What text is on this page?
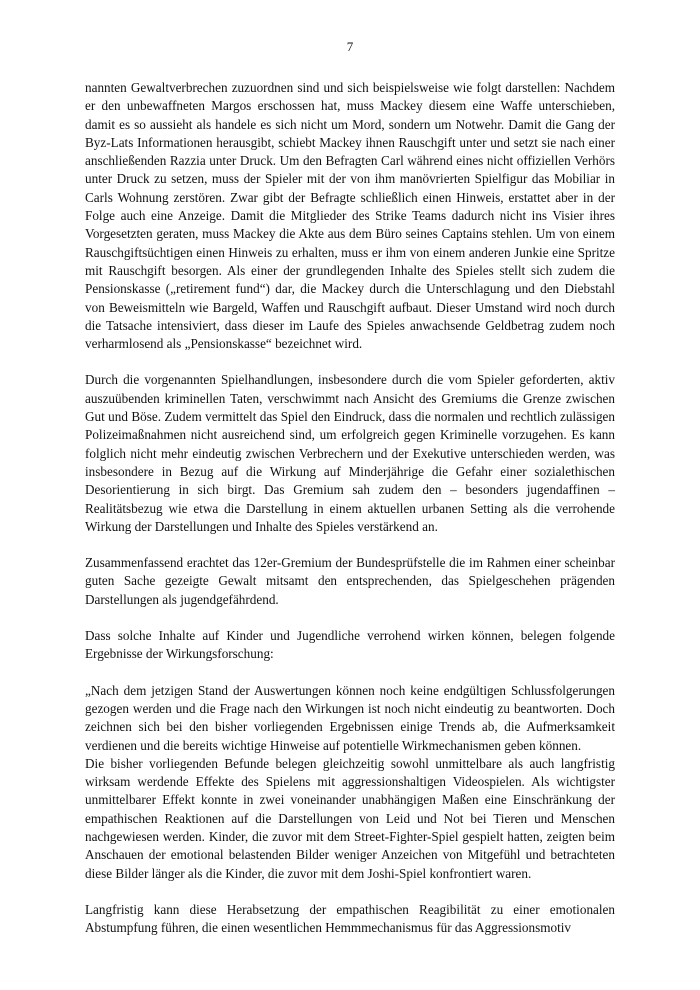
7

nannten Gewaltverbrechen zuzuordnen sind und sich beispielsweise wie folgt darstellen: Nachdem er den unbewaffneten Margos erschossen hat, muss Mackey diesem eine Waffe unterschieben, damit es so aussieht als handele es sich nicht um Mord, sondern um Notwehr. Damit die Gang der Byz-Lats Informationen herausgibt, schiebt Mackey ihnen Rauschgift unter und setzt sie nach einer anschließenden Razzia unter Druck. Um den Befragten Carl während eines nicht offiziellen Verhörs unter Druck zu setzen, muss der Spieler mit der von ihm manövrierten Spielfigur das Mobiliar in Carls Wohnung zerstören. Zwar gibt der Befragte schließlich einen Hinweis, erstattet aber in der Folge auch eine Anzeige. Damit die Mitglieder des Strike Teams dadurch nicht ins Visier ihres Vorgesetzten geraten, muss Mackey die Akte aus dem Büro seines Captains stehlen. Um von einem Rauschgiftsüchtigen einen Hinweis zu erhalten, muss er ihm von einem anderen Junkie eine Spritze mit Rauschgift besorgen. Als einer der grundlegenden Inhalte des Spieles stellt sich zudem die Pensionskasse („retirement fund“) dar, die Mackey durch die Unterschlagung und den Diebstahl von Beweismitteln wie Bargeld, Waffen und Rauschgift aufbaut. Dieser Umstand wird noch durch die Tatsache intensiviert, dass dieser im Laufe des Spieles anwachsende Geldbetrag zudem noch verharmlosend als „Pensionskasse“ bezeichnet wird.

Durch die vorgenannten Spielhandlungen, insbesondere durch die vom Spieler geforderten, aktiv auszuübenden kriminellen Taten, verschwimmt nach Ansicht des Gremiums die Grenze zwischen Gut und Böse. Zudem vermittelt das Spiel den Eindruck, dass die normalen und rechtlich zulässigen Polizeimaßnahmen nicht ausreichend sind, um erfolgreich gegen Kriminelle vorzugehen. Es kann folglich nicht mehr eindeutig zwischen Verbrechern und der Exekutive unterschieden werden, was insbesondere in Bezug auf die Wirkung auf Minderjährige die Gefahr einer sozialethischen Desorientierung in sich birgt. Das Gremium sah zudem den – besonders jugendaffinen – Realitätsbezug wie etwa die Darstellung in einem aktuellen urbanen Setting als die verrohende Wirkung der Darstellungen und Inhalte des Spieles verstärkend an.

Zusammenfassend erachtet das 12er-Gremium der Bundesprüfstelle die im Rahmen einer scheinbar guten Sache gezeigte Gewalt mitsamt den entsprechenden, das Spielgeschehen prägenden Darstellungen als jugendgefährdend.

Dass solche Inhalte auf Kinder und Jugendliche verrohend wirken können, belegen folgende Ergebnisse der Wirkungsforschung:

„Nach dem jetzigen Stand der Auswertungen können noch keine endgültigen Schlussfolgerungen gezogen werden und die Frage nach den Wirkungen ist noch nicht eindeutig zu beantworten. Doch zeichnen sich bei den bisher vorliegenden Ergebnissen einige Trends ab, die Aufmerksamkeit verdienen und die bereits wichtige Hinweise auf potentielle Wirkmechanismen geben können.

Die bisher vorliegenden Befunde belegen gleichzeitig sowohl unmittelbare als auch langfristig wirksam werdende Effekte des Spielens mit aggressionshaltigen Videospielen. Als wichtigster unmittelbarer Effekt konnte in zwei voneinander unabhängigen Maßen eine Einschränkung der empathischen Reaktionen auf die Darstellungen von Leid und Not bei Tieren und Menschen nachgewiesen werden. Kinder, die zuvor mit dem Street-Fighter-Spiel gespielt hatten, zeigten beim Anschauen der emotional belastenden Bilder weniger Anzeichen von Mitgefühl und betrachteten diese Bilder länger als die Kinder, die zuvor mit dem Joshi-Spiel konfrontiert waren.

Langfristig kann diese Herabsetzung der empathischen Reagibilität zu einer emotionalen Abstumpfung führen, die einen wesentlichen Hemmmechanismus für das Aggressionsmotiv
